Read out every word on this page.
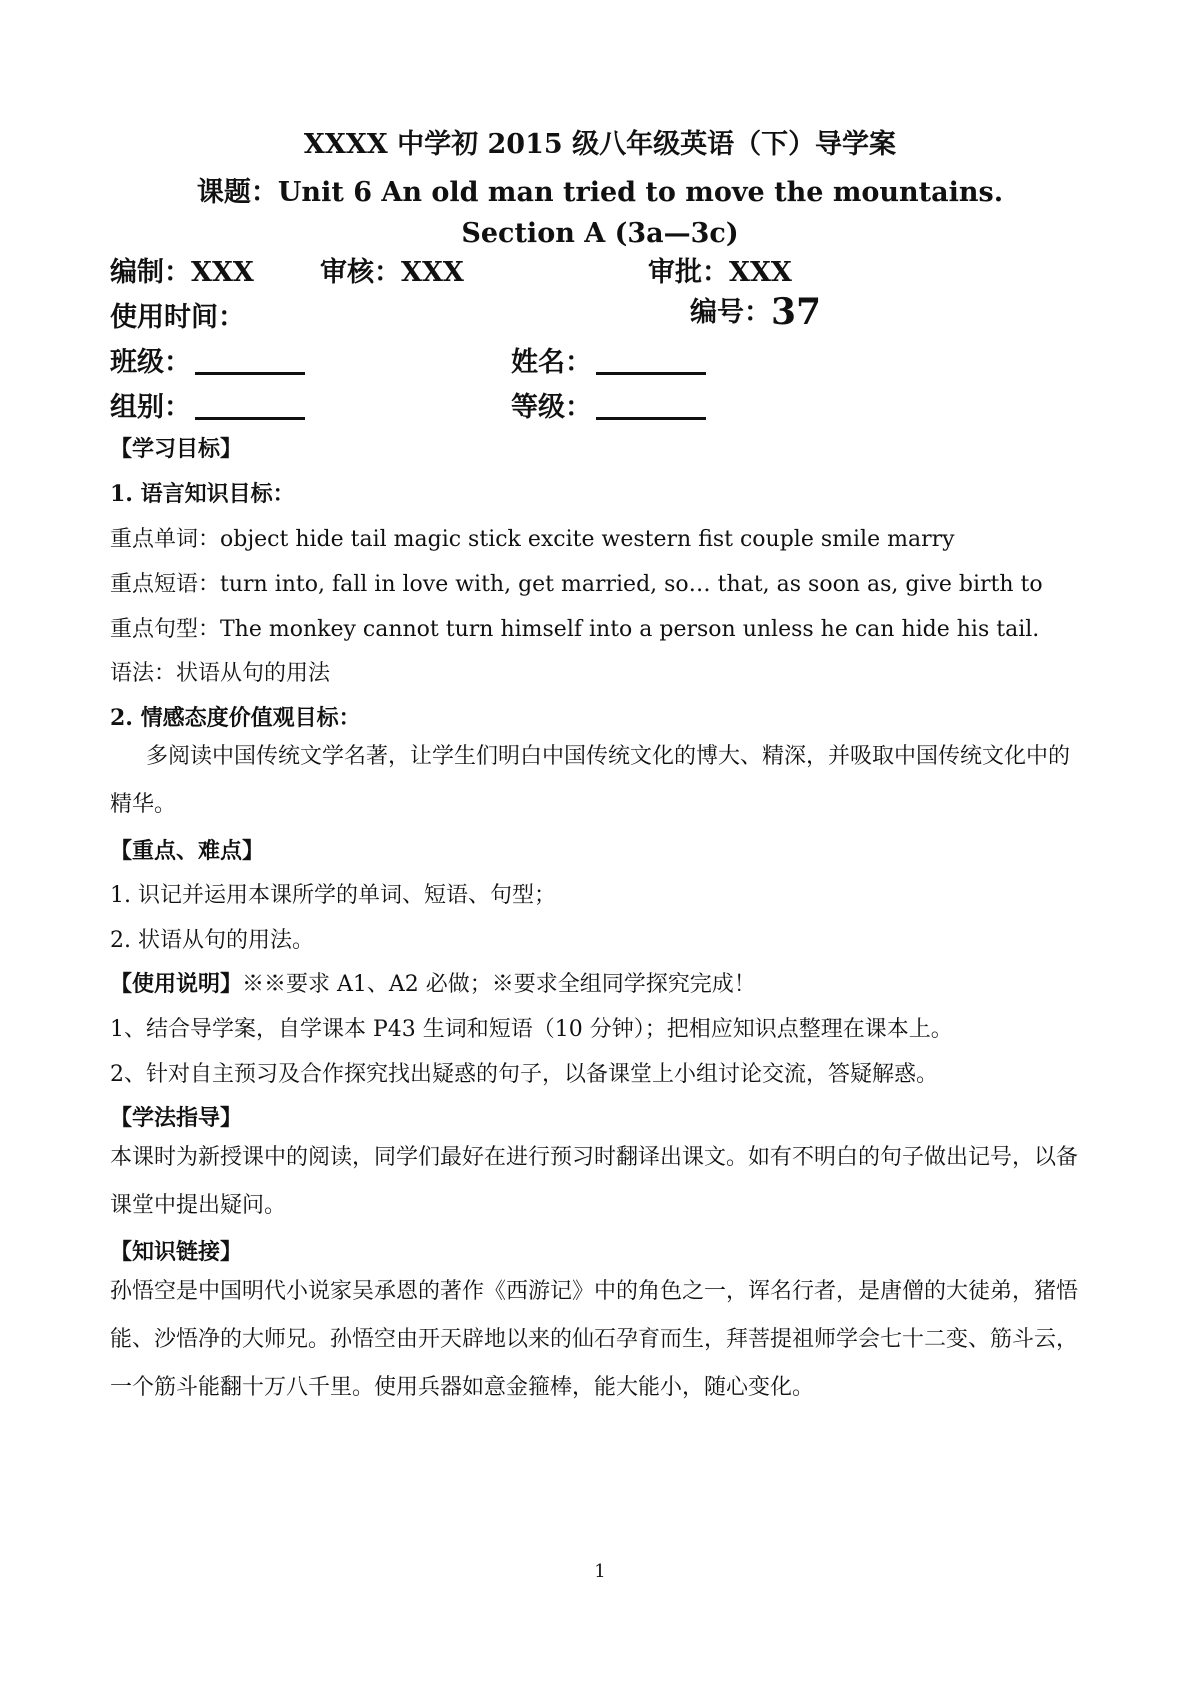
XXXX 中学初 2015 级八年级英语（下）导学案
课题：Unit 6 An old man tried to move the mountains.
Section A (3a—3c)
编制：XXX 审核：XXX	审批：XXX
使用时间：	编号：37
班级：	姓名：
组别：	等级：
【学习目标】
1. 语言知识目标：
重点单词：object hide tail magic stick excite western fist couple smile marry
重点短语：turn into, fall in love with, get married, so… that, as soon as, give birth to
重点句型：The monkey cannot turn himself into a person unless he can hide his tail.
语法：状语从句的用法
2. 情感态度价值观目标：
多阅读中国传统文学名著，让学生们明白中国传统文化的博大、精深，并吸取中国传统文化中的精华。
【重点、难点】
1. 识记并运用本课所学的单词、短语、句型；
2. 状语从句的用法。
【使用说明】※※要求 A1、A2 必做；※要求全组同学探究完成！
1、结合导学案，自学课本 P43 生词和短语（10 分钟）；把相应知识点整理在课本上。
2、针对自主预习及合作探究找出疑惑的句子，以备课堂上小组讨论交流，答疑解惑。
【学法指导】
本课时为新授课中的阅读，同学们最好在进行预习时翻译出课文。如有不明白的句子做出记号，以备课堂中提出疑问。
【知识链接】
孙悟空是中国明代小说家吴承恩的著作《西游记》中的角色之一，诨名行者，是唐僧的大徒弟，猪悟能、沙悟净的大师兄。孙悟空由开天辟地以来的仙石孕育而生，拜菩提祖师学会七十二变、筋斗云，一个筋斗能翻十万八千里。使用兵器如意金箍棒，能大能小，随心变化。
1
